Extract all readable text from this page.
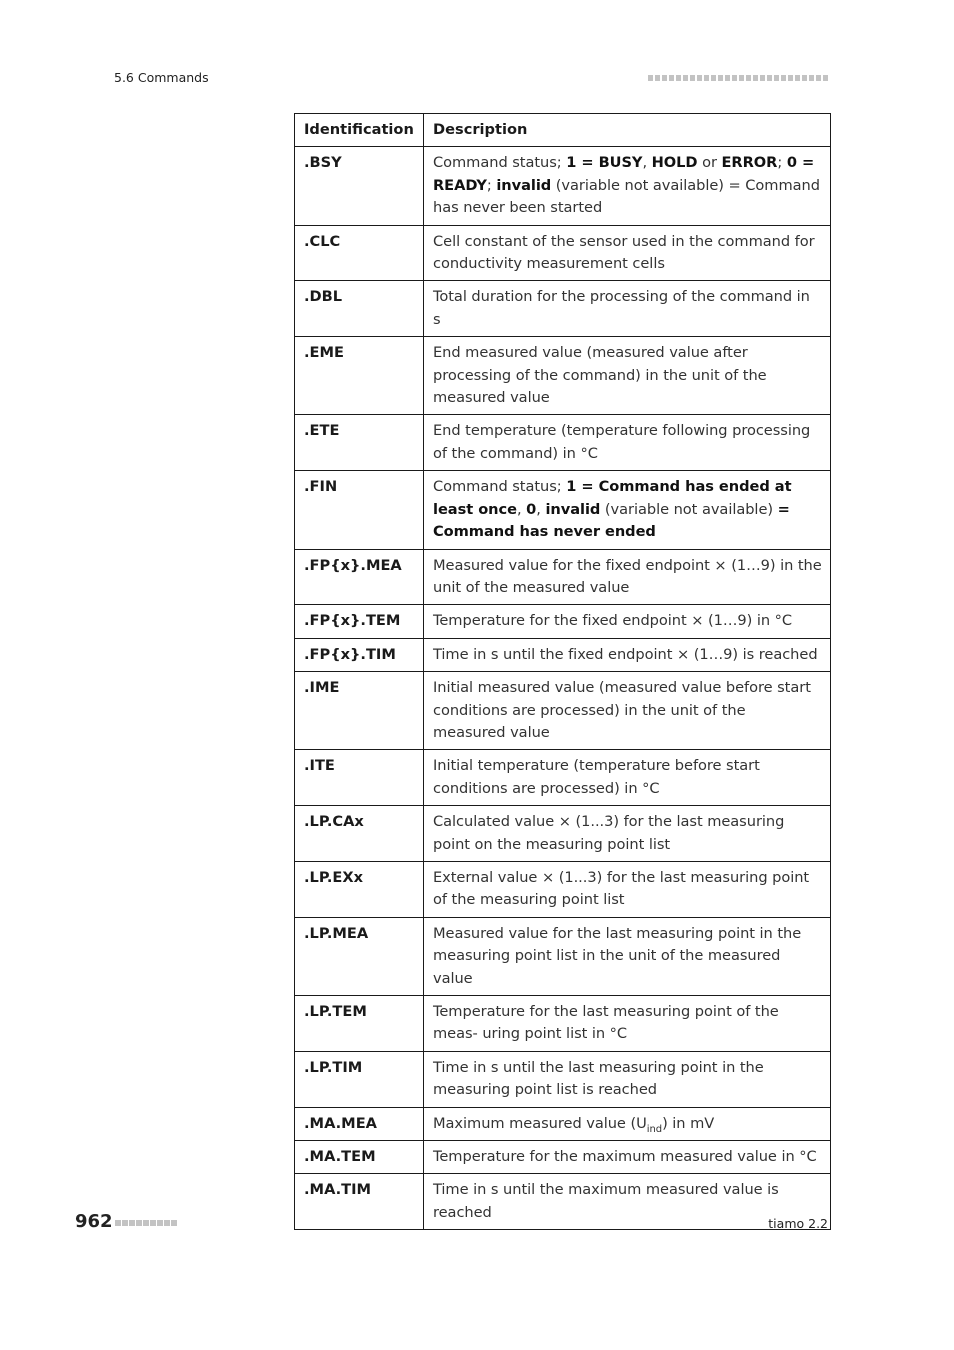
5.6 Commands
Identification	Description
.BSY	Command status; 1 = BUSY, HOLD or ERROR; 0 = READY; invalid (variable not available) = Command has never been started
.CLC	Cell constant of the sensor used in the command for conductivity measurement cells
.DBL	Total duration for the processing of the command in s
.EME	End measured value (measured value after processing of the command) in the unit of the measured value
.ETE	End temperature (temperature following processing of the command) in °C
.FIN	Command status; 1 = Command has ended at least once, 0, invalid (variable not available) = Command has never ended
.FP{x}.MEA	Measured value for the fixed endpoint × (1…9) in the unit of the measured value
.FP{x}.TEM	Temperature for the fixed endpoint × (1…9) in °C
.FP{x}.TIM	Time in s until the fixed endpoint × (1…9) is reached
.IME	Initial measured value (measured value before start conditions are processed) in the unit of the measured value
.ITE	Initial temperature (temperature before start conditions are processed) in °C
.LP.CAx	Calculated value × (1...3) for the last measuring point on the measuring point list
.LP.EXx	External value × (1...3) for the last measuring point of the measuring point list
.LP.MEA	Measured value for the last measuring point in the measuring point list in the unit of the measured value
.LP.TEM	Temperature for the last measuring point of the meas- uring point list in °C
.LP.TIM	Time in s until the last measuring point in the measuring point list is reached
.MA.MEA	Maximum measured value $(U_{ind})$ in mV
.MA.TEM	Temperature for the maximum measured value in °C
.MA.TIM	Time in s until the maximum measured value is reached
962	tiamo 2.2
